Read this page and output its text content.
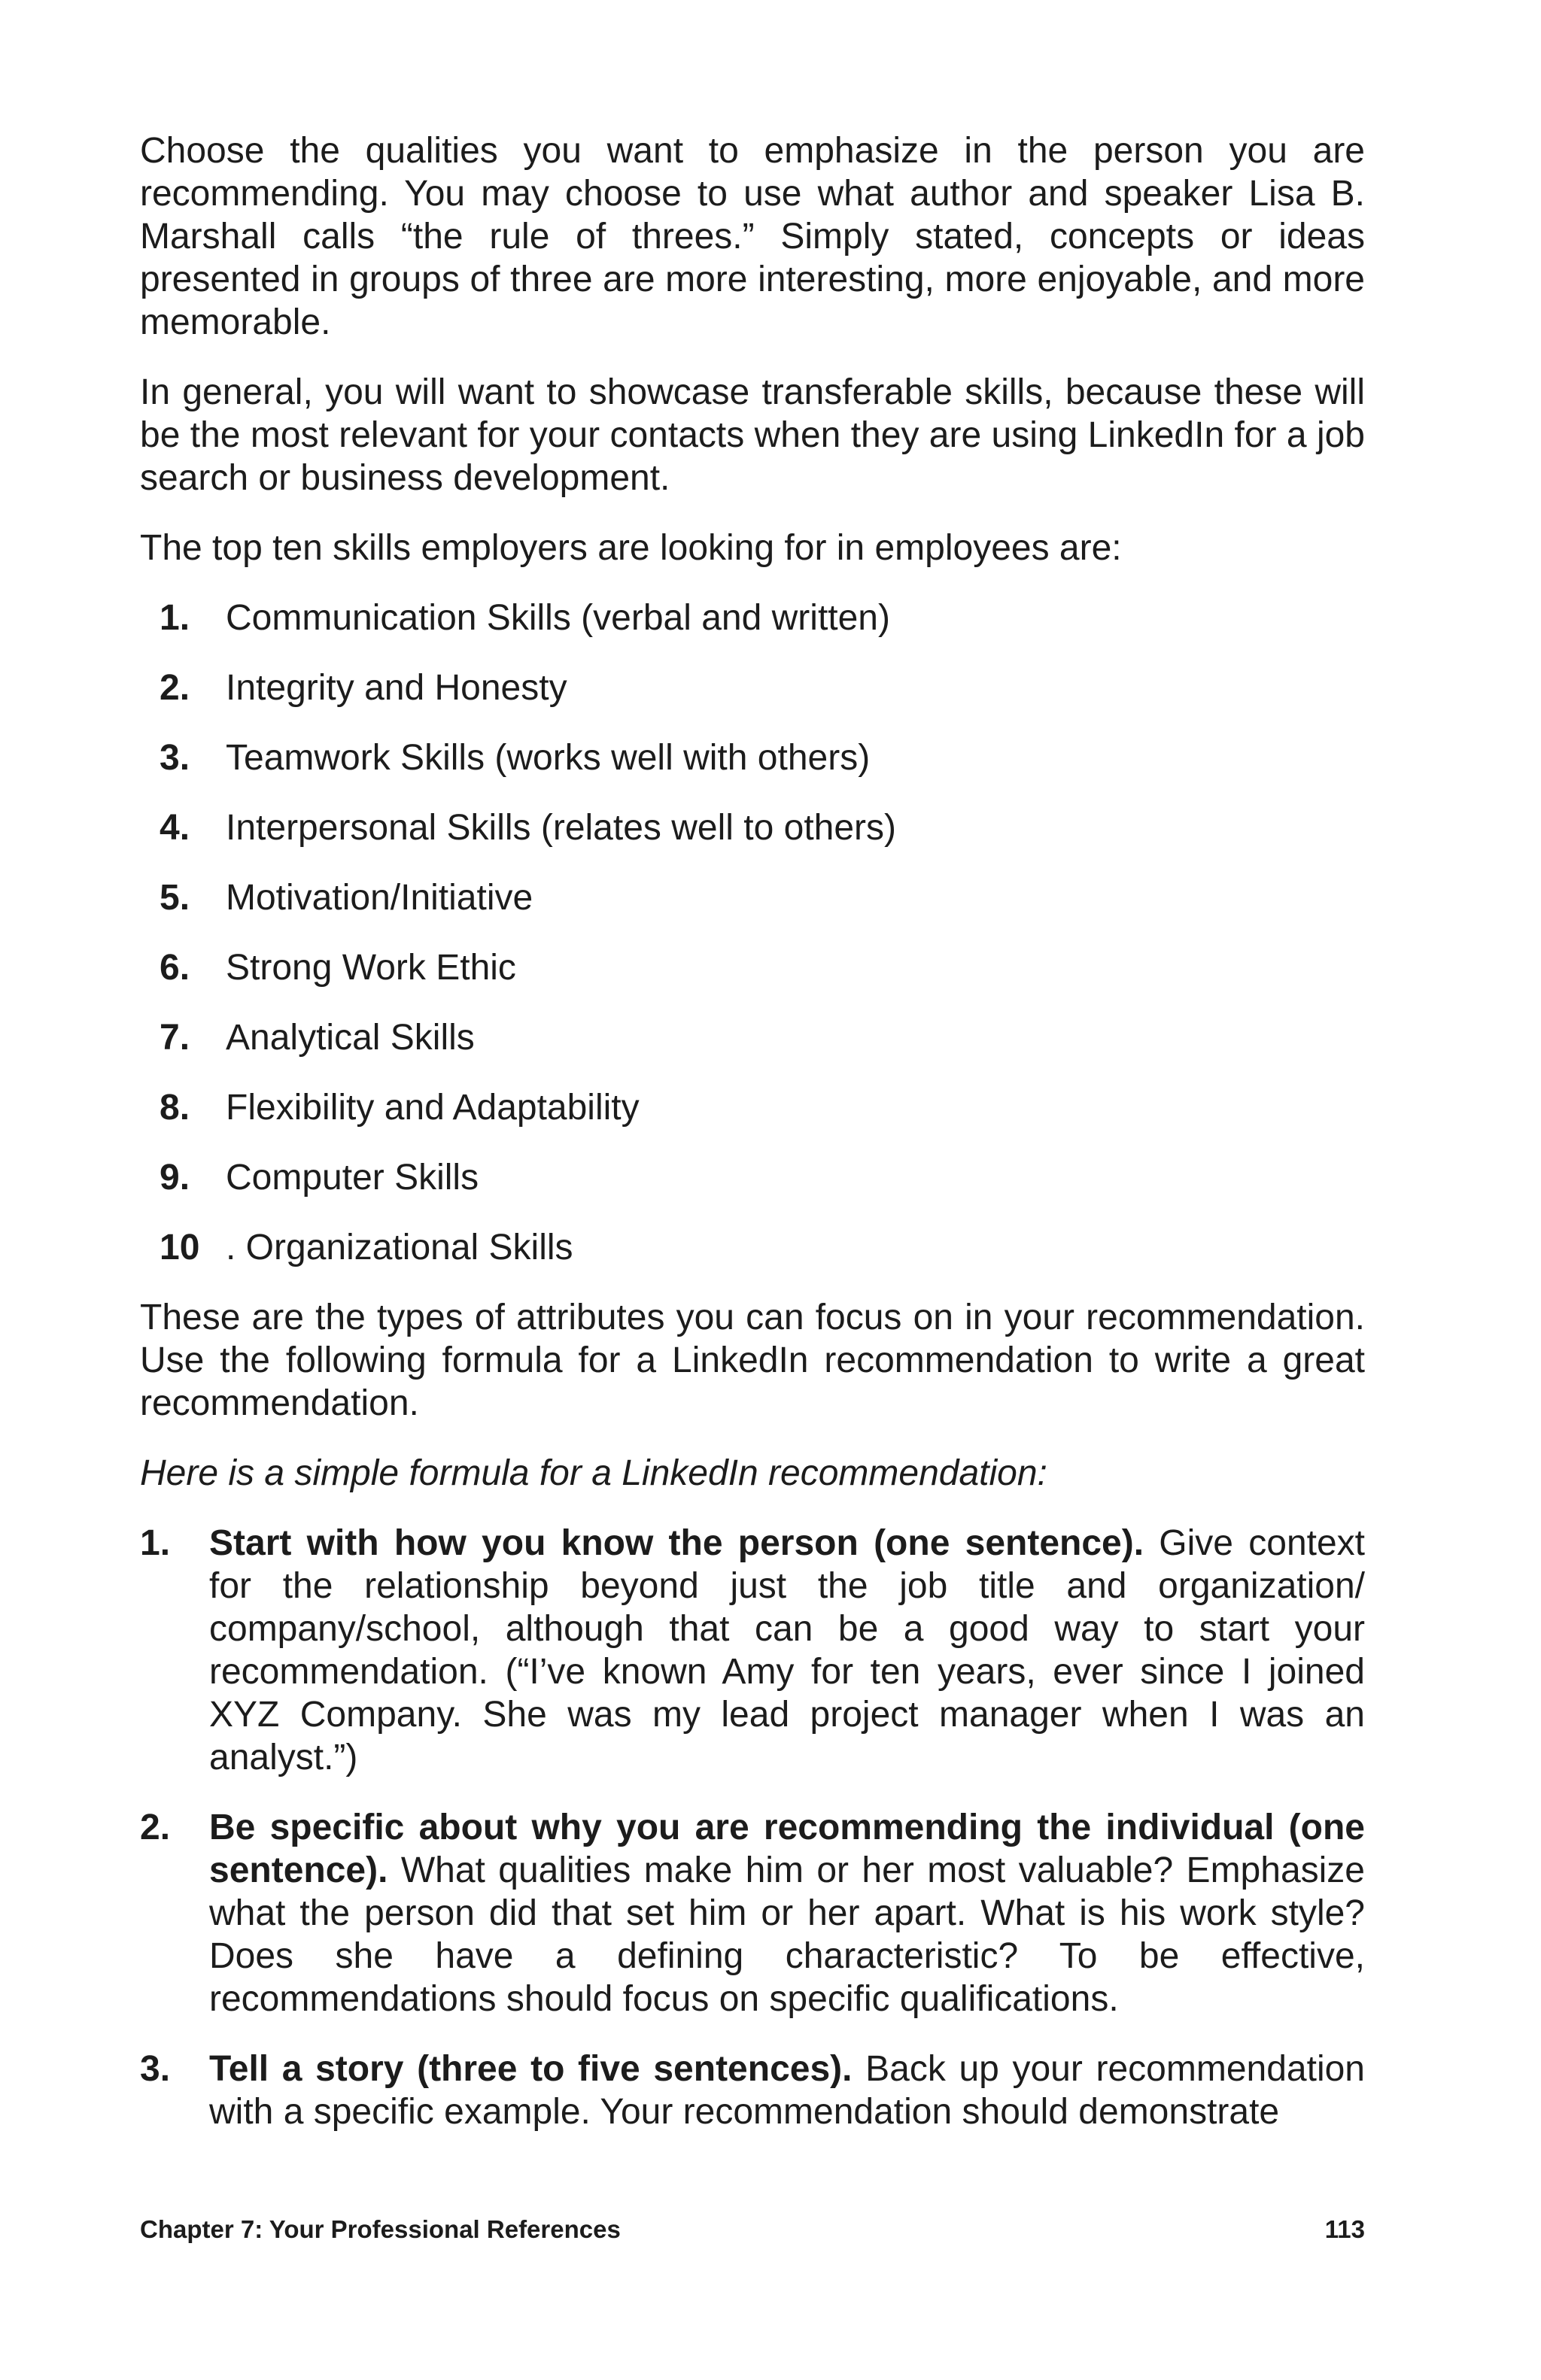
Choose the qualities you want to emphasize in the person you are recommending. You may choose to use what author and speaker Lisa B. Marshall calls “the rule of threes.” Simply stated, concepts or ideas presented in groups of three are more interesting, more enjoyable, and more memorable.

In general, you will want to showcase transferable skills, because these will be the most relevant for your contacts when they are using LinkedIn for a job search or business development.

The top ten skills employers are looking for in employees are:

1. Communication Skills (verbal and written)
2. Integrity and Honesty
3. Teamwork Skills (works well with others)
4. Interpersonal Skills (relates well to others)
5. Motivation/Initiative
6. Strong Work Ethic
7. Analytical Skills
8. Flexibility and Adaptability
9. Computer Skills
10 . Organizational Skills

These are the types of attributes you can focus on in your recommendation. Use the following formula for a LinkedIn recommendation to write a great recommendation.

Here is a simple formula for a LinkedIn recommendation:

1.	Start with how you know the person (one sentence). Give context for the relationship beyond just the job title and organization/ company/school, although that can be a good way to start your recommendation. (“I’ve known Amy for ten years, ever since I joined XYZ Company. She was my lead project manager when I was an analyst.”)
2.	Be specific about why you are recommending the individual (one sentence). What qualities make him or her most valuable? Emphasize what the person did that set him or her apart. What is his work style? Does she have a defining characteristic? To be effective, recommendations should focus on specific qualifications.
3.	Tell a story (three to five sentences). Back up your recommendation with a specific example. Your recommendation should demonstrate
Chapter 7: Your Professional References	113
